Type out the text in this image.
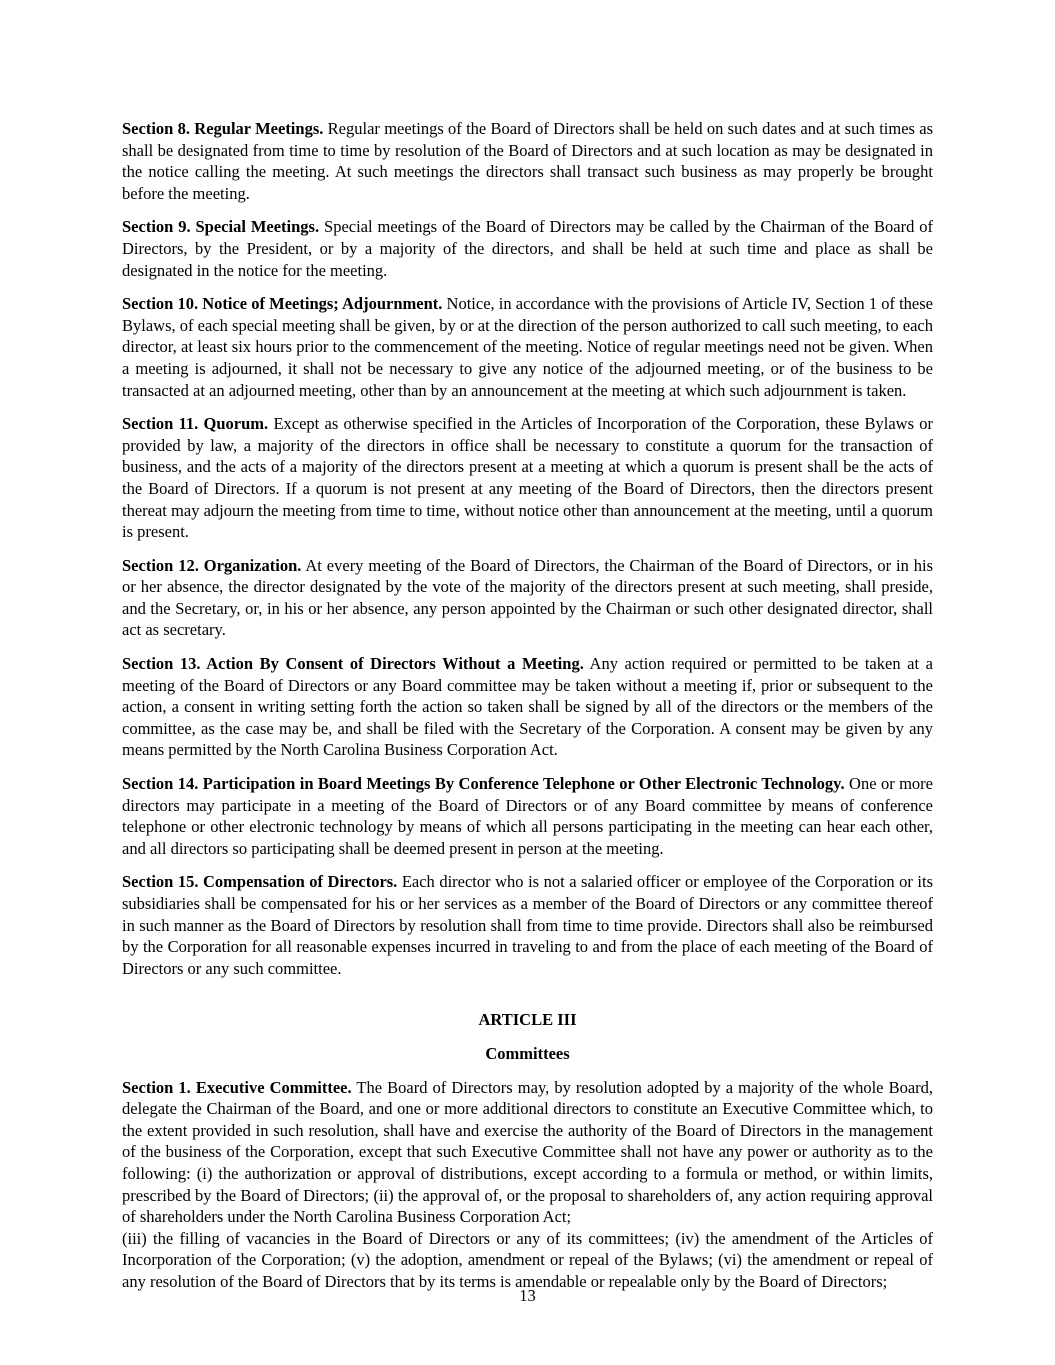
Section 8. Regular Meetings. Regular meetings of the Board of Directors shall be held on such dates and at such times as shall be designated from time to time by resolution of the Board of Directors and at such location as may be designated in the notice calling the meeting. At such meetings the directors shall transact such business as may properly be brought before the meeting.

Section 9. Special Meetings. Special meetings of the Board of Directors may be called by the Chairman of the Board of Directors, by the President, or by a majority of the directors, and shall be held at such time and place as shall be designated in the notice for the meeting.

Section 10. Notice of Meetings; Adjournment. Notice, in accordance with the provisions of Article IV, Section 1 of these Bylaws, of each special meeting shall be given, by or at the direction of the person authorized to call such meeting, to each director, at least six hours prior to the commencement of the meeting. Notice of regular meetings need not be given. When a meeting is adjourned, it shall not be necessary to give any notice of the adjourned meeting, or of the business to be transacted at an adjourned meeting, other than by an announcement at the meeting at which such adjournment is taken.

Section 11. Quorum. Except as otherwise specified in the Articles of Incorporation of the Corporation, these Bylaws or provided by law, a majority of the directors in office shall be necessary to constitute a quorum for the transaction of business, and the acts of a majority of the directors present at a meeting at which a quorum is present shall be the acts of the Board of Directors. If a quorum is not present at any meeting of the Board of Directors, then the directors present thereat may adjourn the meeting from time to time, without notice other than announcement at the meeting, until a quorum is present.

Section 12. Organization. At every meeting of the Board of Directors, the Chairman of the Board of Directors, or in his or her absence, the director designated by the vote of the majority of the directors present at such meeting, shall preside, and the Secretary, or, in his or her absence, any person appointed by the Chairman or such other designated director, shall act as secretary.

Section 13. Action By Consent of Directors Without a Meeting. Any action required or permitted to be taken at a meeting of the Board of Directors or any Board committee may be taken without a meeting if, prior or subsequent to the action, a consent in writing setting forth the action so taken shall be signed by all of the directors or the members of the committee, as the case may be, and shall be filed with the Secretary of the Corporation. A consent may be given by any means permitted by the North Carolina Business Corporation Act.

Section 14. Participation in Board Meetings By Conference Telephone or Other Electronic Technology. One or more directors may participate in a meeting of the Board of Directors or of any Board committee by means of conference telephone or other electronic technology by means of which all persons participating in the meeting can hear each other, and all directors so participating shall be deemed present in person at the meeting.

Section 15. Compensation of Directors. Each director who is not a salaried officer or employee of the Corporation or its subsidiaries shall be compensated for his or her services as a member of the Board of Directors or any committee thereof in such manner as the Board of Directors by resolution shall from time to time provide. Directors shall also be reimbursed by the Corporation for all reasonable expenses incurred in traveling to and from the place of each meeting of the Board of Directors or any such committee.

ARTICLE III
Committees

Section 1. Executive Committee. The Board of Directors may, by resolution adopted by a majority of the whole Board, delegate the Chairman of the Board, and one or more additional directors to constitute an Executive Committee which, to the extent provided in such resolution, shall have and exercise the authority of the Board of Directors in the management of the business of the Corporation, except that such Executive Committee shall not have any power or authority as to the following: (i) the authorization or approval of distributions, except according to a formula or method, or within limits, prescribed by the Board of Directors; (ii) the approval of, or the proposal to shareholders of, any action requiring approval of shareholders under the North Carolina Business Corporation Act;

(iii) the filling of vacancies in the Board of Directors or any of its committees; (iv) the amendment of the Articles of Incorporation of the Corporation; (v) the adoption, amendment or repeal of the Bylaws; (vi) the amendment or repeal of any resolution of the Board of Directors that by its terms is amendable or repealable only by the Board of Directors;

13
